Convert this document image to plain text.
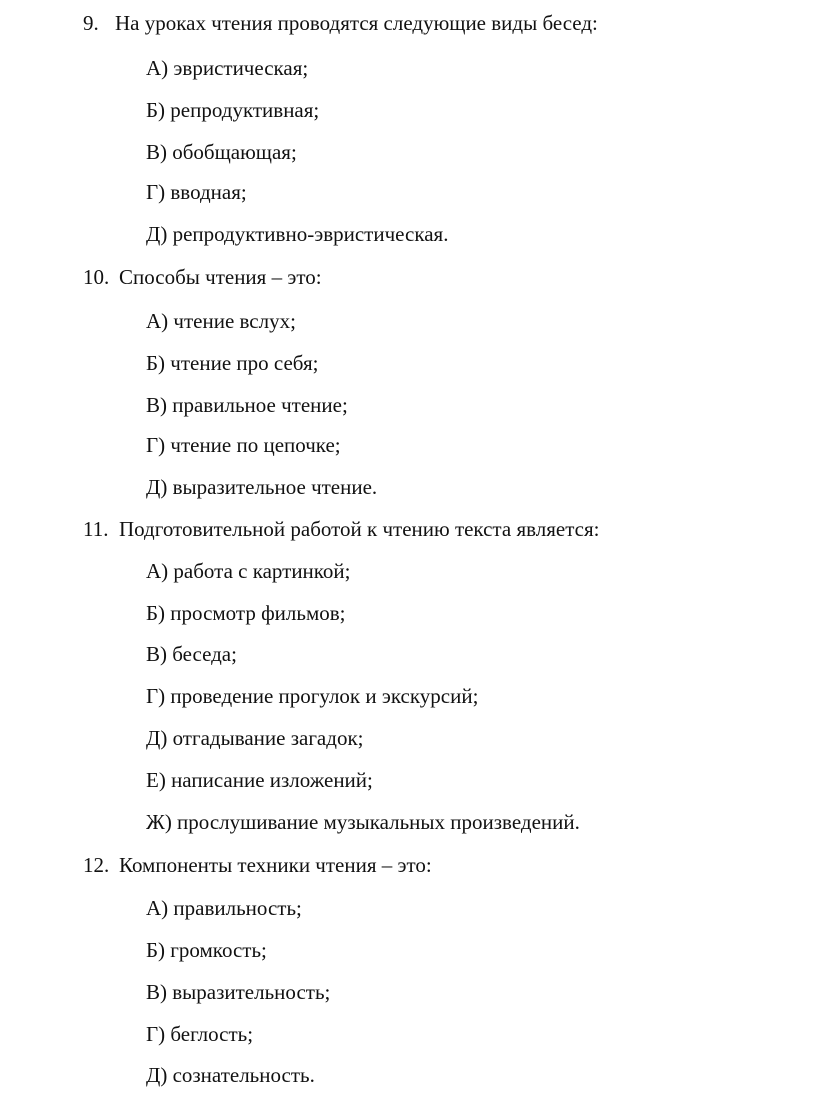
9. На уроках чтения проводятся следующие виды бесед:
А) эвристическая;
Б) репродуктивная;
В) обобщающая;
Г) вводная;
Д) репродуктивно-эвристическая.
10. Способы чтения – это:
А) чтение вслух;
Б) чтение про себя;
В) правильное чтение;
Г) чтение по цепочке;
Д) выразительное чтение.
11. Подготовительной работой к чтению текста является:
А) работа с картинкой;
Б) просмотр фильмов;
В) беседа;
Г) проведение прогулок и экскурсий;
Д) отгадывание загадок;
Е) написание изложений;
Ж) прослушивание музыкальных произведений.
12. Компоненты техники чтения – это:
А) правильность;
Б) громкость;
В) выразительность;
Г) беглость;
Д) сознательность.
